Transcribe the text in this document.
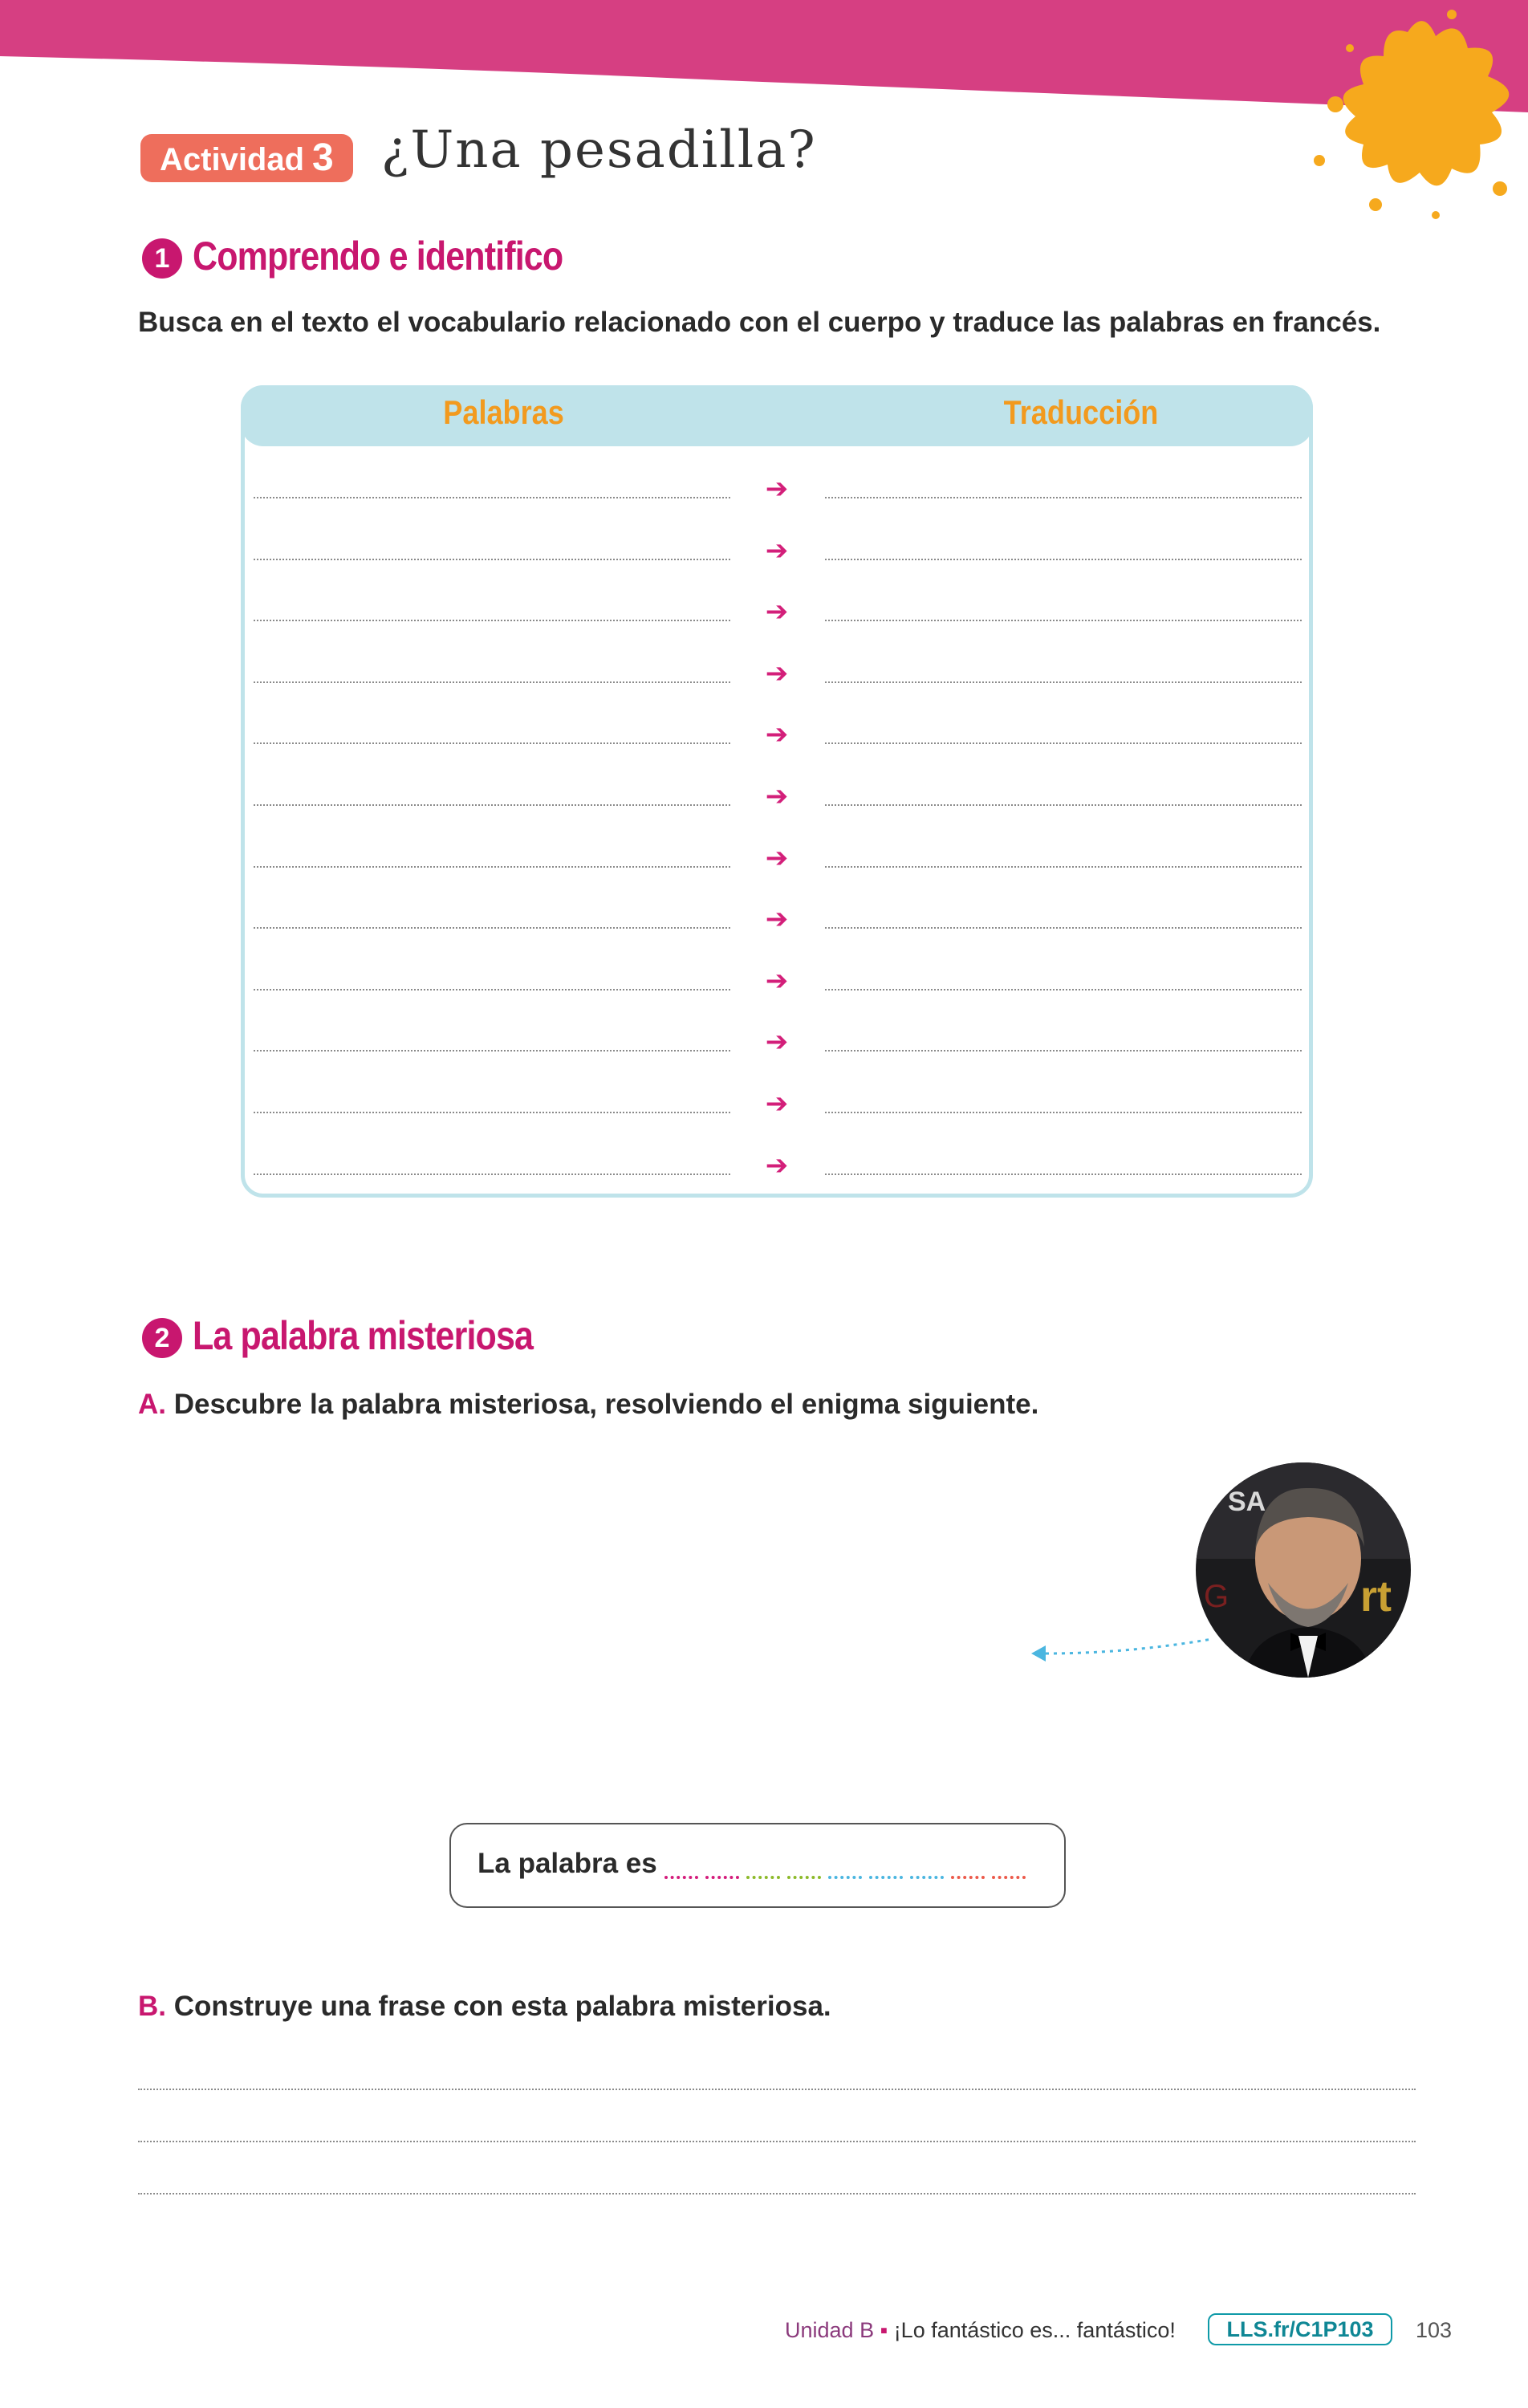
Actividad 3 ¿Una pesadilla?
1 Comprendo e identifico
Busca en el texto el vocabulario relacionado con el cuerpo y traduce las palabras en francés.
Palabras	Traducción
➔
➔
➔
➔
➔
➔
➔
➔
➔
➔
➔
➔
2 La palabra misteriosa
A. Descubre la palabra misteriosa, resolviendo el enigma siguiente.
Artículo definido español
Primera sílaba del verbo «boire» en español
Este actor se llama Ricardo Da .... .... ....
Cuando presento a alguien, hago su retra .... ....
SA
G	rt
La palabra es
B. Construye una frase con esta palabra misteriosa.
Unidad B ▪ ¡Lo fantástico es... fantástico!	LLS.fr/C1P103	103
